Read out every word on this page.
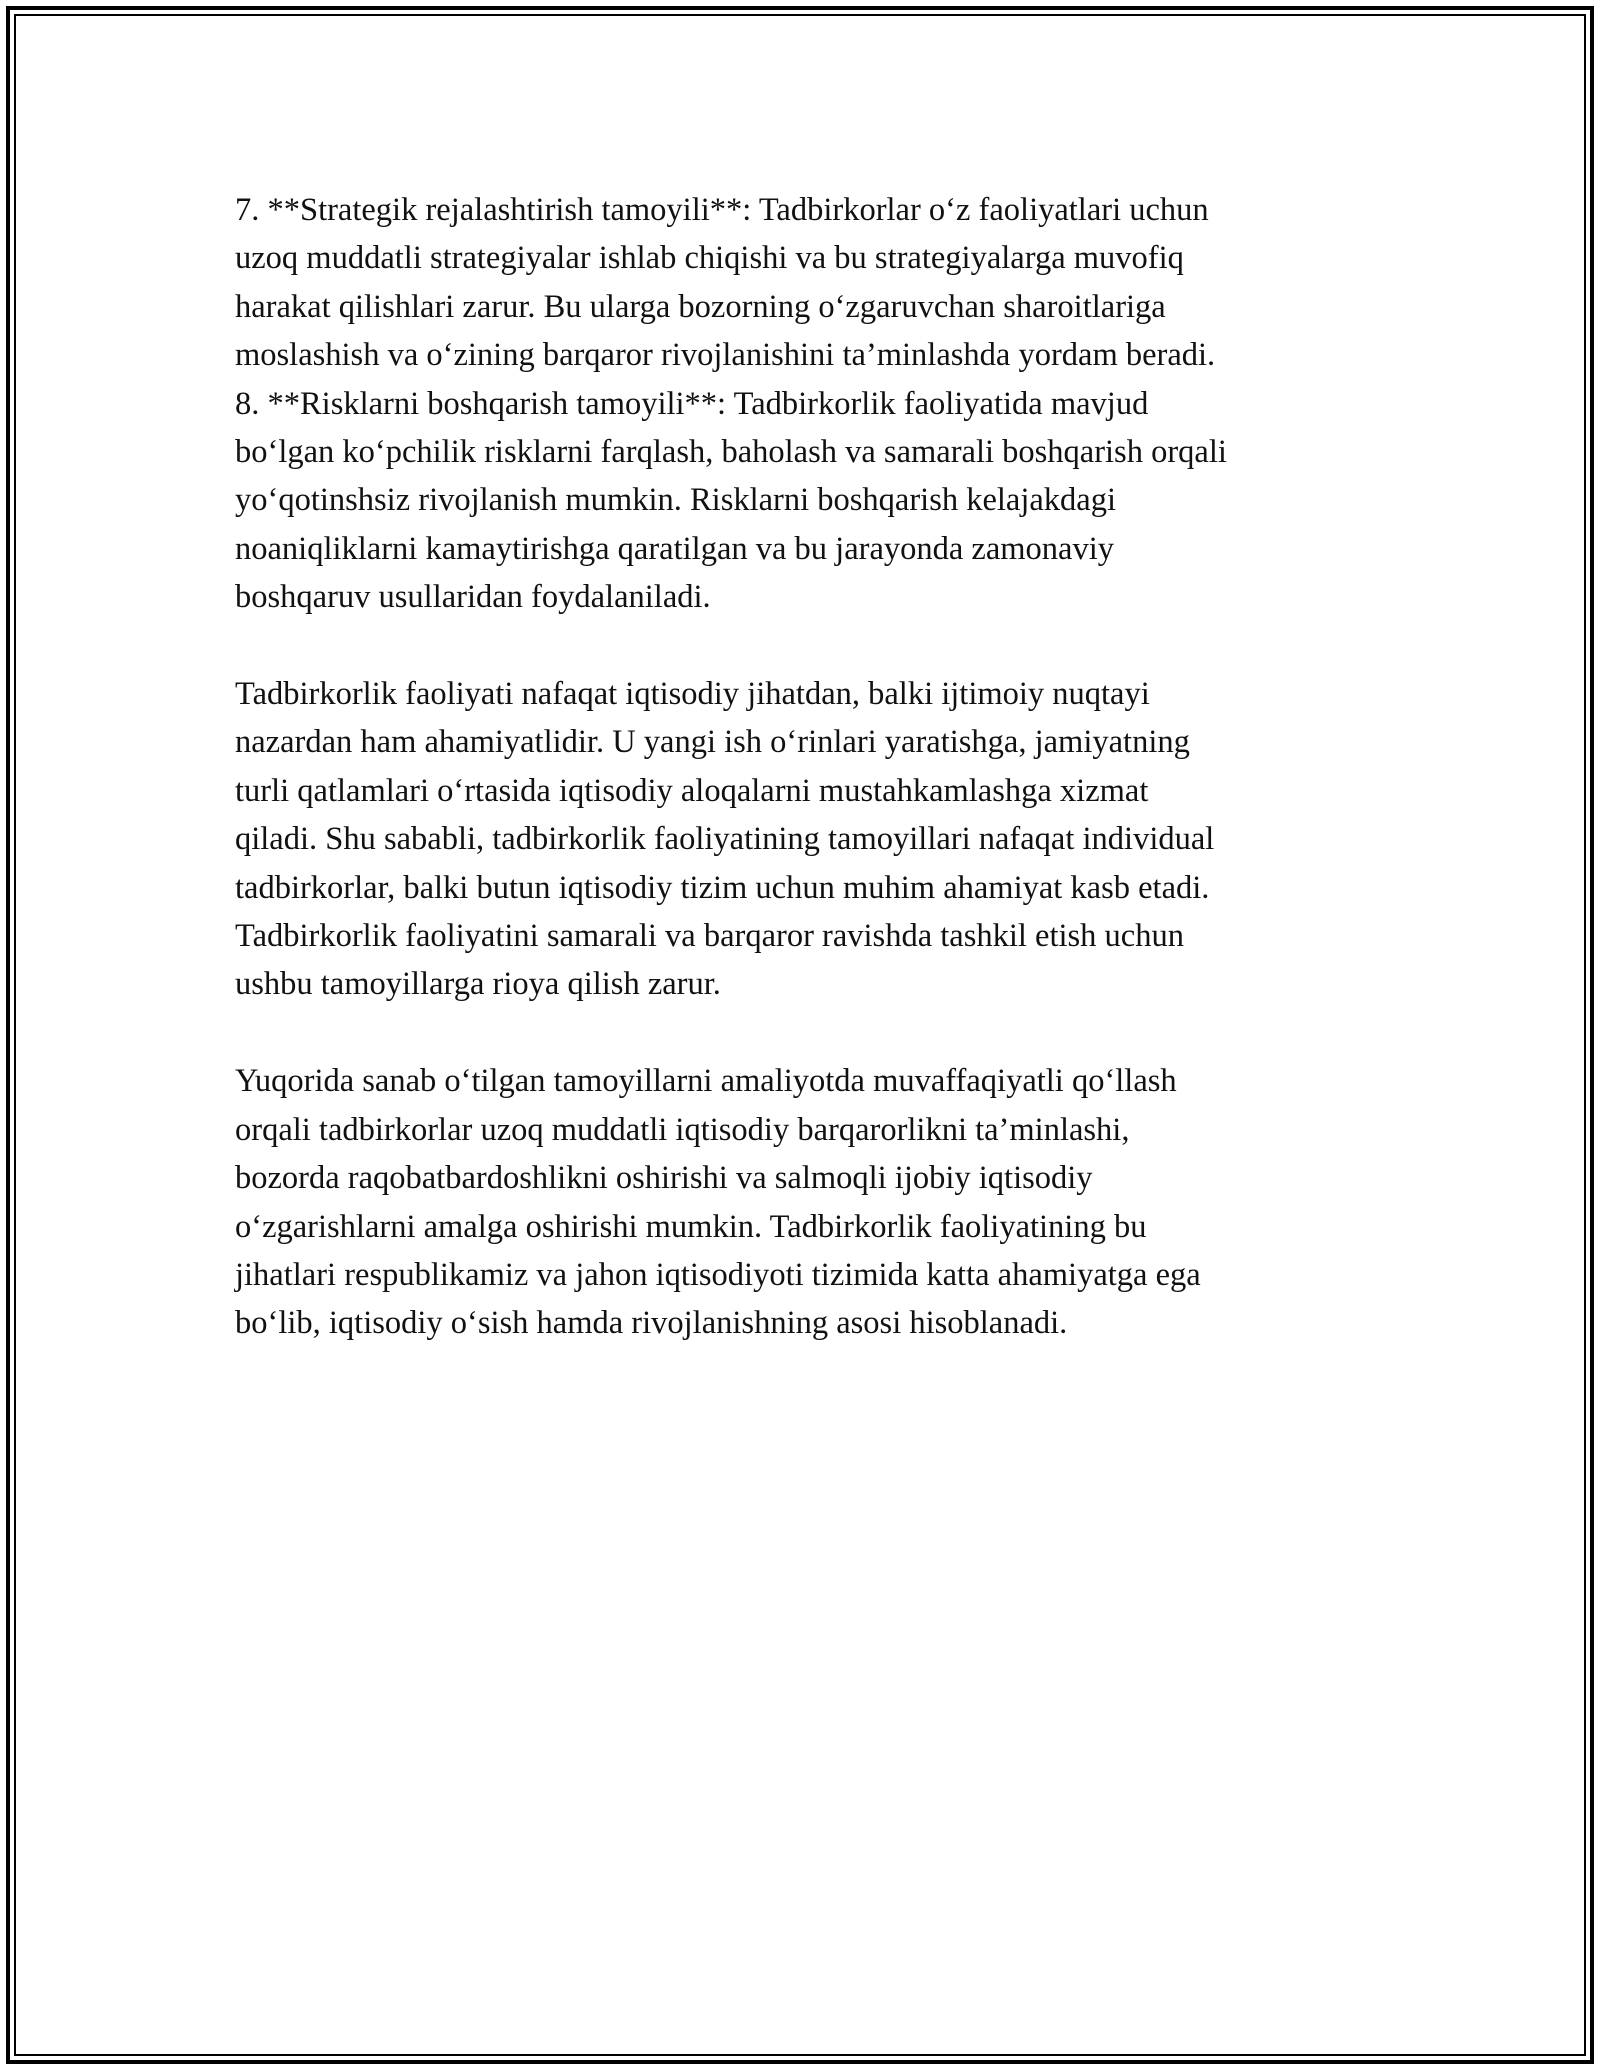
7. **Strategik rejalashtirish tamoyili**: Tadbirkorlar o‘z faoliyatlari uchun
uzoq muddatli strategiyalar ishlab chiqishi va bu strategiyalarga muvofiq
harakat qilishlari zarur. Bu ularga bozorning o‘zgaruvchan sharoitlariga
moslashish va o‘zining barqaror rivojlanishini ta’minlashda yordam beradi.
8. **Risklarni boshqarish tamoyili**: Tadbirkorlik faoliyatida mavjud
bo‘lgan ko‘pchilik risklarni farqlash, baholash va samarali boshqarish orqali
yo‘qotinshsiz rivojlanish mumkin. Risklarni boshqarish kelajakdagi
noaniqliklarni kamaytirishga qaratilgan va bu jarayonda zamonaviy
boshqaruv usullaridan foydalaniladi.
Tadbirkorlik faoliyati nafaqat iqtisodiy jihatdan, balki ijtimoiy nuqtayi
nazardan ham ahamiyatlidir. U yangi ish o‘rinlari yaratishga, jamiyatning
turli qatlamlari o‘rtasida iqtisodiy aloqalarni mustahkamlashga xizmat
qiladi. Shu sababli, tadbirkorlik faoliyatining tamoyillari nafaqat individual
tadbirkorlar, balki butun iqtisodiy tizim uchun muhim ahamiyat kasb etadi.
Tadbirkorlik faoliyatini samarali va barqaror ravishda tashkil etish uchun
ushbu tamoyillarga rioya qilish zarur.
Yuqorida sanab o‘tilgan tamoyillarni amaliyotda muvaffaqiyatli qo‘llash
orqali tadbirkorlar uzoq muddatli iqtisodiy barqarorlikni ta’minlashi,
bozorda raqobatbardoshlikni oshirishi va salmoqli ijobiy iqtisodiy
o‘zgarishlarni amalga oshirishi mumkin. Tadbirkorlik faoliyatining bu
jihatlari respublikamiz va jahon iqtisodiyoti tizimida katta ahamiyatga ega
bo‘lib, iqtisodiy o‘sish hamda rivojlanishning asosi hisoblanadi.
